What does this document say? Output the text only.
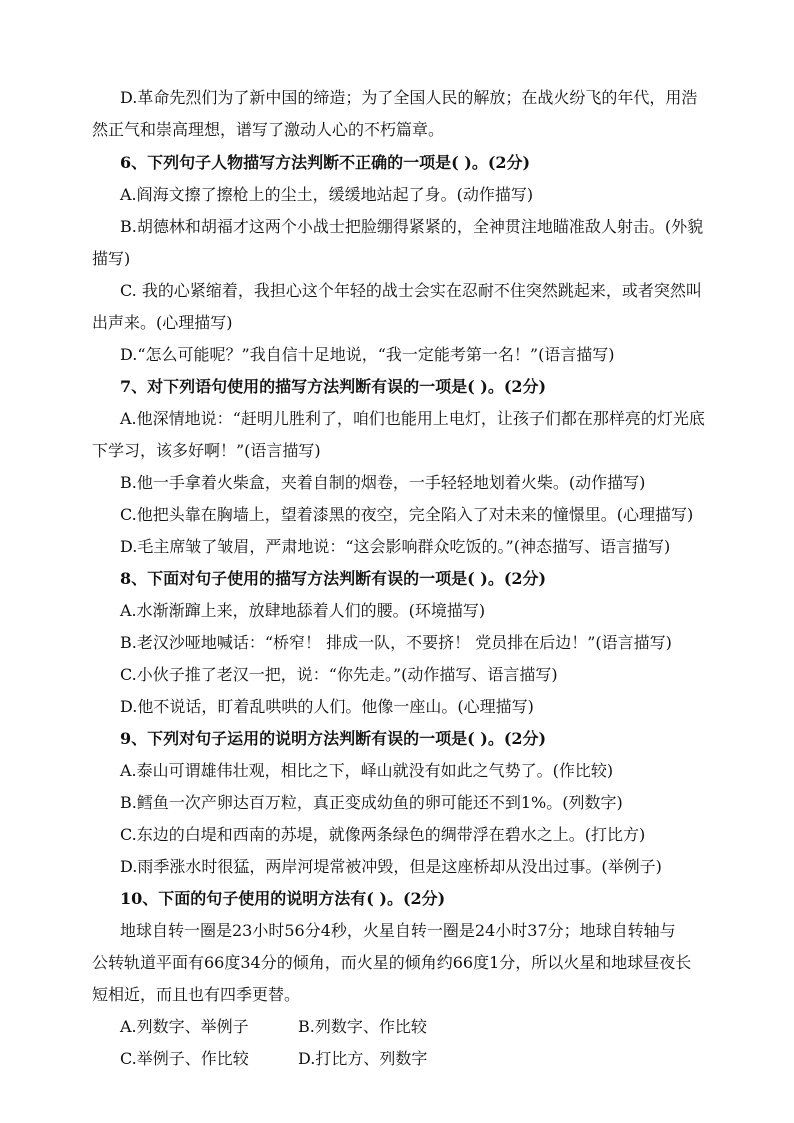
D.革命先烈们为了新中国的缔造；为了全国人民的解放；在战火纷飞的年代，用浩
然正气和崇高理想，谱写了激动人心的不朽篇章。
6、下列句子人物描写方法判断不正确的一项是( )。(2分)
A.阎海文擦了擦枪上的尘土，缓缓地站起了身。(动作描写)
B.胡德林和胡福才这两个小战士把脸绷得紧紧的，全神贯注地瞄准敌人射击。(外貌
描写)
C. 我的心紧缩着，我担心这个年轻的战士会实在忍耐不住突然跳起来，或者突然叫
出声来。(心理描写)
D.“怎么可能呢？”我自信十足地说，“我一定能考第一名！”(语言描写)
7、对下列语句使用的描写方法判断有误的一项是( )。(2分)
A.他深情地说：“赶明儿胜利了，咱们也能用上电灯，让孩子们都在那样亮的灯光底
下学习，该多好啊！”(语言描写)
B.他一手拿着火柴盒，夹着自制的烟卷，一手轻轻地划着火柴。(动作描写)
C.他把头靠在胸墙上，望着漆黑的夜空，完全陷入了对未来的憧憬里。(心理描写)
D.毛主席皱了皱眉，严肃地说：“这会影响群众吃饭的。”(神态描写、语言描写)
8、下面对句子使用的描写方法判断有误的一项是( )。(2分)
A.水渐渐蹿上来，放肆地舔着人们的腰。(环境描写)
B.老汉沙哑地喊话：“桥窄！ 排成一队，不要挤！ 党员排在后边！”(语言描写)
C.小伙子推了老汉一把，说：“你先走。”(动作描写、语言描写)
D.他不说话，盯着乱哄哄的人们。他像一座山。(心理描写)
9、下列对句子运用的说明方法判断有误的一项是( )。(2分)
A.泰山可谓雄伟壮观，相比之下，峄山就没有如此之气势了。(作比较)
B.鳕鱼一次产卵达百万粒，真正变成幼鱼的卵可能还不到1%。(列数字)
C.东边的白堤和西南的苏堤，就像两条绿色的绸带浮在碧水之上。(打比方)
D.雨季涨水时很猛，两岸河堤常被冲毁，但是这座桥却从没出过事。(举例子)
10、下面的句子使用的说明方法有( )。(2分)
地球自转一圈是23小时56分4秒，火星自转一圈是24小时37分；地球自转轴与
公转轨道平面有66度34分的倾角，而火星的倾角约66度1分，所以火星和地球昼夜长
短相近，而且也有四季更替。
A.列数字、举例子	B.列数字、作比较
C.举例子、作比较	D.打比方、列数字
